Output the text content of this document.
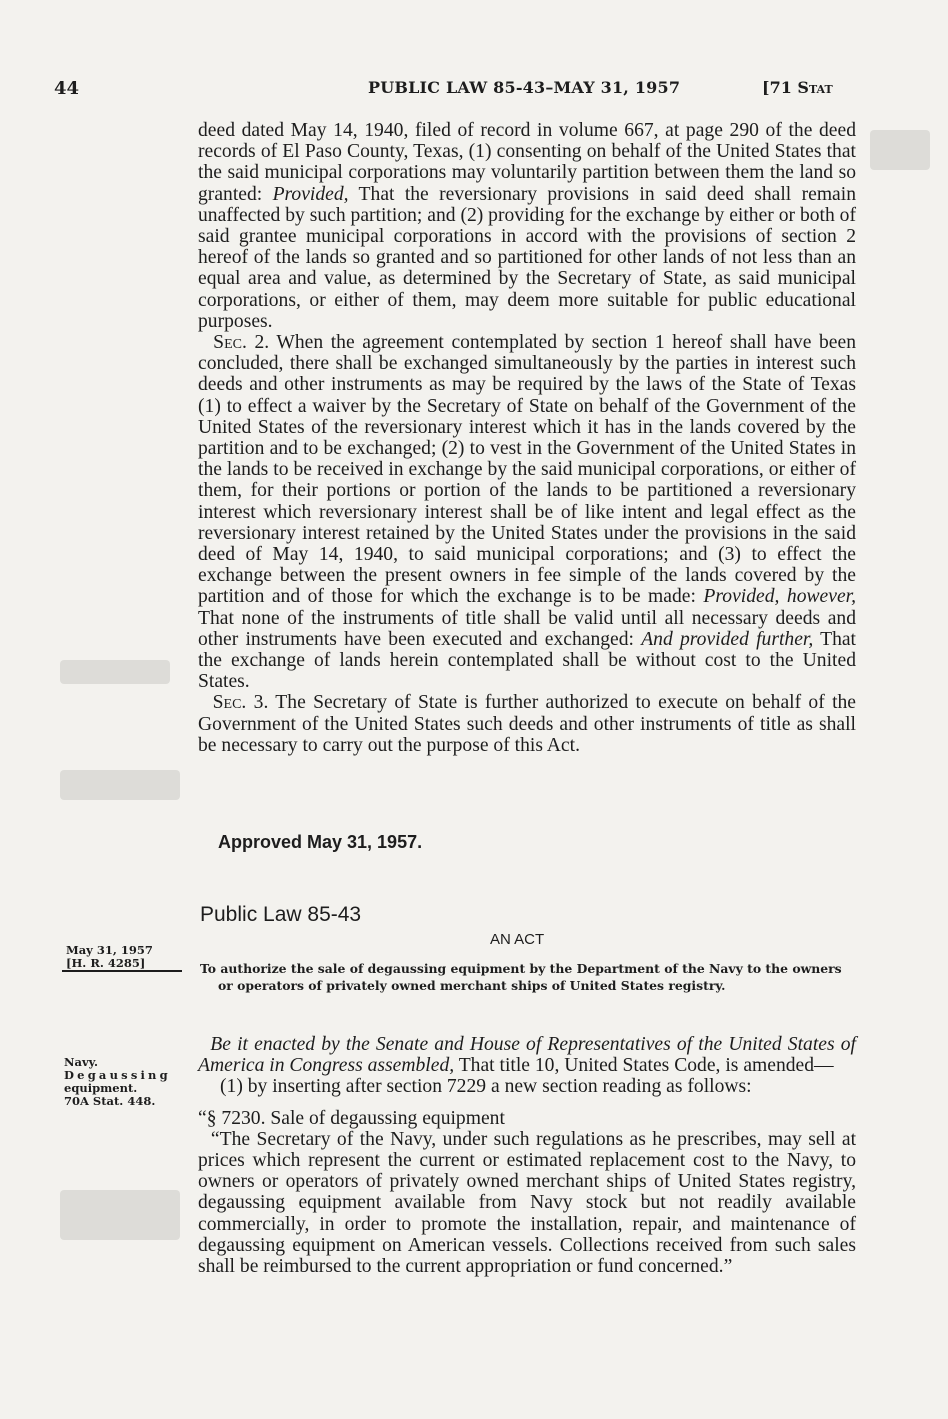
44	PUBLIC LAW 85-43–MAY 31, 1957	[71 Stat

deed dated May 14, 1940, filed of record in volume 667, at page 290 of the deed records of El Paso County, Texas, (1) consenting on behalf of the United States that the said municipal corporations may voluntarily partition between them the land so granted: Provided, That the reversionary provisions in said deed shall remain unaffected by such partition; and (2) providing for the exchange by either or both of said grantee municipal corporations in accord with the provisions of section 2 hereof of the lands so granted and so partitioned for other lands of not less than an equal area and value, as determined by the Secretary of State, as said municipal corporations, or either of them, may deem more suitable for public educational purposes.

Sec. 2. When the agreement contemplated by section 1 hereof shall have been concluded, there shall be exchanged simultaneously by the parties in interest such deeds and other instruments as may be required by the laws of the State of Texas (1) to effect a waiver by the Secretary of State on behalf of the Government of the United States of the reversionary interest which it has in the lands covered by the partition and to be exchanged; (2) to vest in the Government of the United States in the lands to be received in exchange by the said municipal corporations, or either of them, for their portions or portion of the lands to be partitioned a reversionary interest which reversionary interest shall be of like intent and legal effect as the reversionary interest retained by the United States under the provisions in the said deed of May 14, 1940, to said municipal corporations; and (3) to effect the exchange between the present owners in fee simple of the lands covered by the partition and of those for which the exchange is to be made: Provided, however, That none of the instruments of title shall be valid until all necessary deeds and other instruments have been executed and exchanged: And provided further, That the exchange of lands herein contemplated shall be without cost to the United States.

Sec. 3. The Secretary of State is further authorized to execute on behalf of the Government of the United States such deeds and other instruments of title as shall be necessary to carry out the purpose of this Act.

Approved May 31, 1957.
Public Law 85-43
AN ACT
May 31, 1957
[H. R. 4285]	To authorize the sale of degaussing equipment by the Department of the Navy to the owners or operators of privately owned merchant ships of United States registry.

Be it enacted by the Senate and House of Representatives of the United States of America in Congress assembled, That title 10, United States Code, is amended—

(1) by inserting after section 7229 a new section reading as follows:

“§ 7230. Sale of degaussing equipment

“The Secretary of the Navy, under such regulations as he prescribes, may sell at prices which represent the current or estimated replacement cost to the Navy, to owners or operators of privately owned merchant ships of United States registry, degaussing equipment available from Navy stock but not readily available commercially, in order to promote the installation, repair, and maintenance of degaussing equipment on American vessels. Collections received from such sales shall be reimbursed to the current appropriation or fund concerned.”

Navy.
Degaussing
equipment.
70A Stat. 448.
